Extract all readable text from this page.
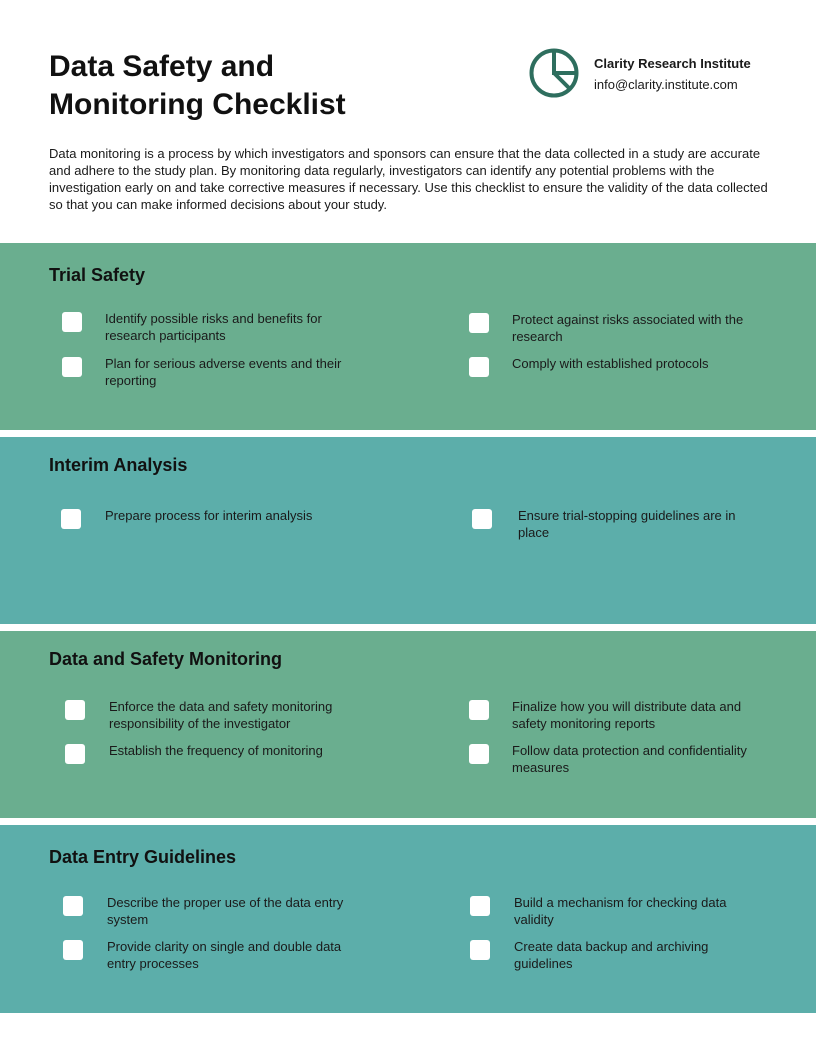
Data Safety and
Monitoring Checklist
Clarity Research Institute
info@clarity.institute.com

Data monitoring is a process by which investigators and sponsors can ensure that the data collected in a study are accurate and adhere to the study plan. By monitoring data regularly, investigators can identify any potential problems with the investigation early on and take corrective measures if necessary. Use this checklist to ensure the validity of the data collected so that you can make informed decisions about your study.

Trial Safety
Identify possible risks and benefits for research participants
Protect against risks associated with the research
Plan for serious adverse events and their reporting
Comply with established protocols
Interim Analysis
Prepare process for interim analysis	Ensure trial-stopping guidelines are in place
Data and Safety Monitoring
Enforce the data and safety monitoring responsibility of the investigator
Finalize how you will distribute data and safety monitoring reports
Establish the frequency of monitoring	Follow data protection and confidentiality measures
Data Entry Guidelines
Describe the proper use of the data entry system
Build a mechanism for checking data validity
Provide clarity on single and double data entry processes
Create data backup and archiving guidelines
